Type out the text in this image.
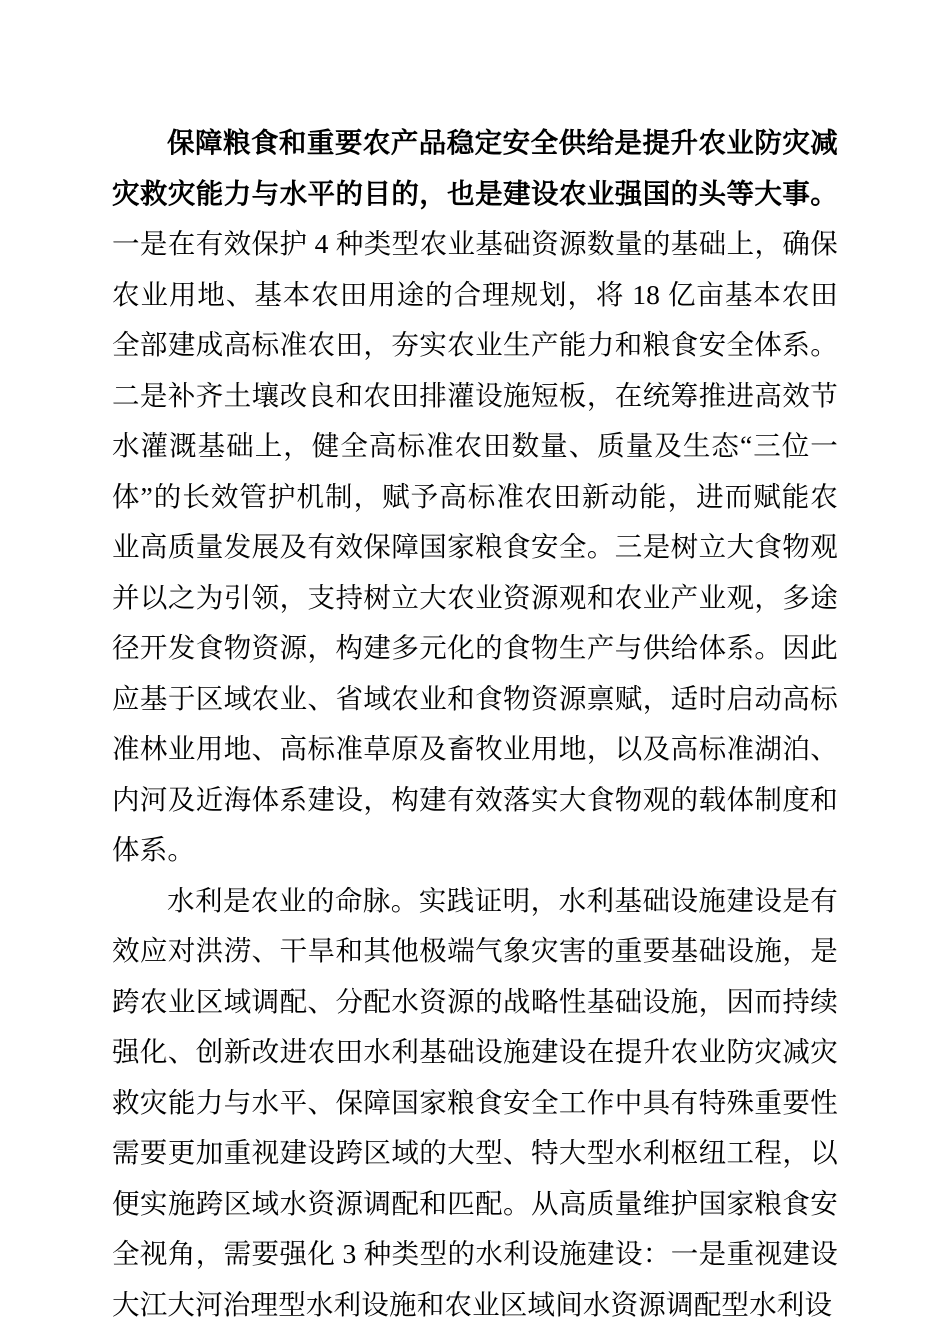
保障粮食和重要农产品稳定安全供给是提升农业防灾减灾救灾能力与水平的目的，也是建设农业强国的头等大事。一是在有效保护 4 种类型农业基础资源数量的基础上，确保农业用地、基本农田用途的合理规划，将 18 亿亩基本农田全部建成高标准农田，夯实农业生产能力和粮食安全体系。二是补齐土壤改良和农田排灌设施短板，在统筹推进高效节水灌溉基础上，健全高标准农田数量、质量及生态“三位一体”的长效管护机制，赋予高标准农田新动能，进而赋能农业高质量发展及有效保障国家粮食安全。三是树立大食物观并以之为引领，支持树立大农业资源观和农业产业观，多途径开发食物资源，构建多元化的食物生产与供给体系。因此应基于区域农业、省域农业和食物资源禀赋，适时启动高标准林业用地、高标准草原及畜牧业用地，以及高标准湖泊、内河及近海体系建设，构建有效落实大食物观的载体制度和体系。

水利是农业的命脉。实践证明，水利基础设施建设是有效应对洪涝、干旱和其他极端气象灾害的重要基础设施，是跨农业区域调配、分配水资源的战略性基础设施，因而持续强化、创新改进农田水利基础设施建设在提升农业防灾减灾救灾能力与水平、保障国家粮食安全工作中具有特殊重要性需要更加重视建设跨区域的大型、特大型水利枢纽工程，以便实施跨区域水资源调配和匹配。从高质量维护国家粮食安全视角，需要强化 3 种类型的水利设施建设：一是重视建设大江大河治理型水利设施和农业区域间水资源调配型水利设
